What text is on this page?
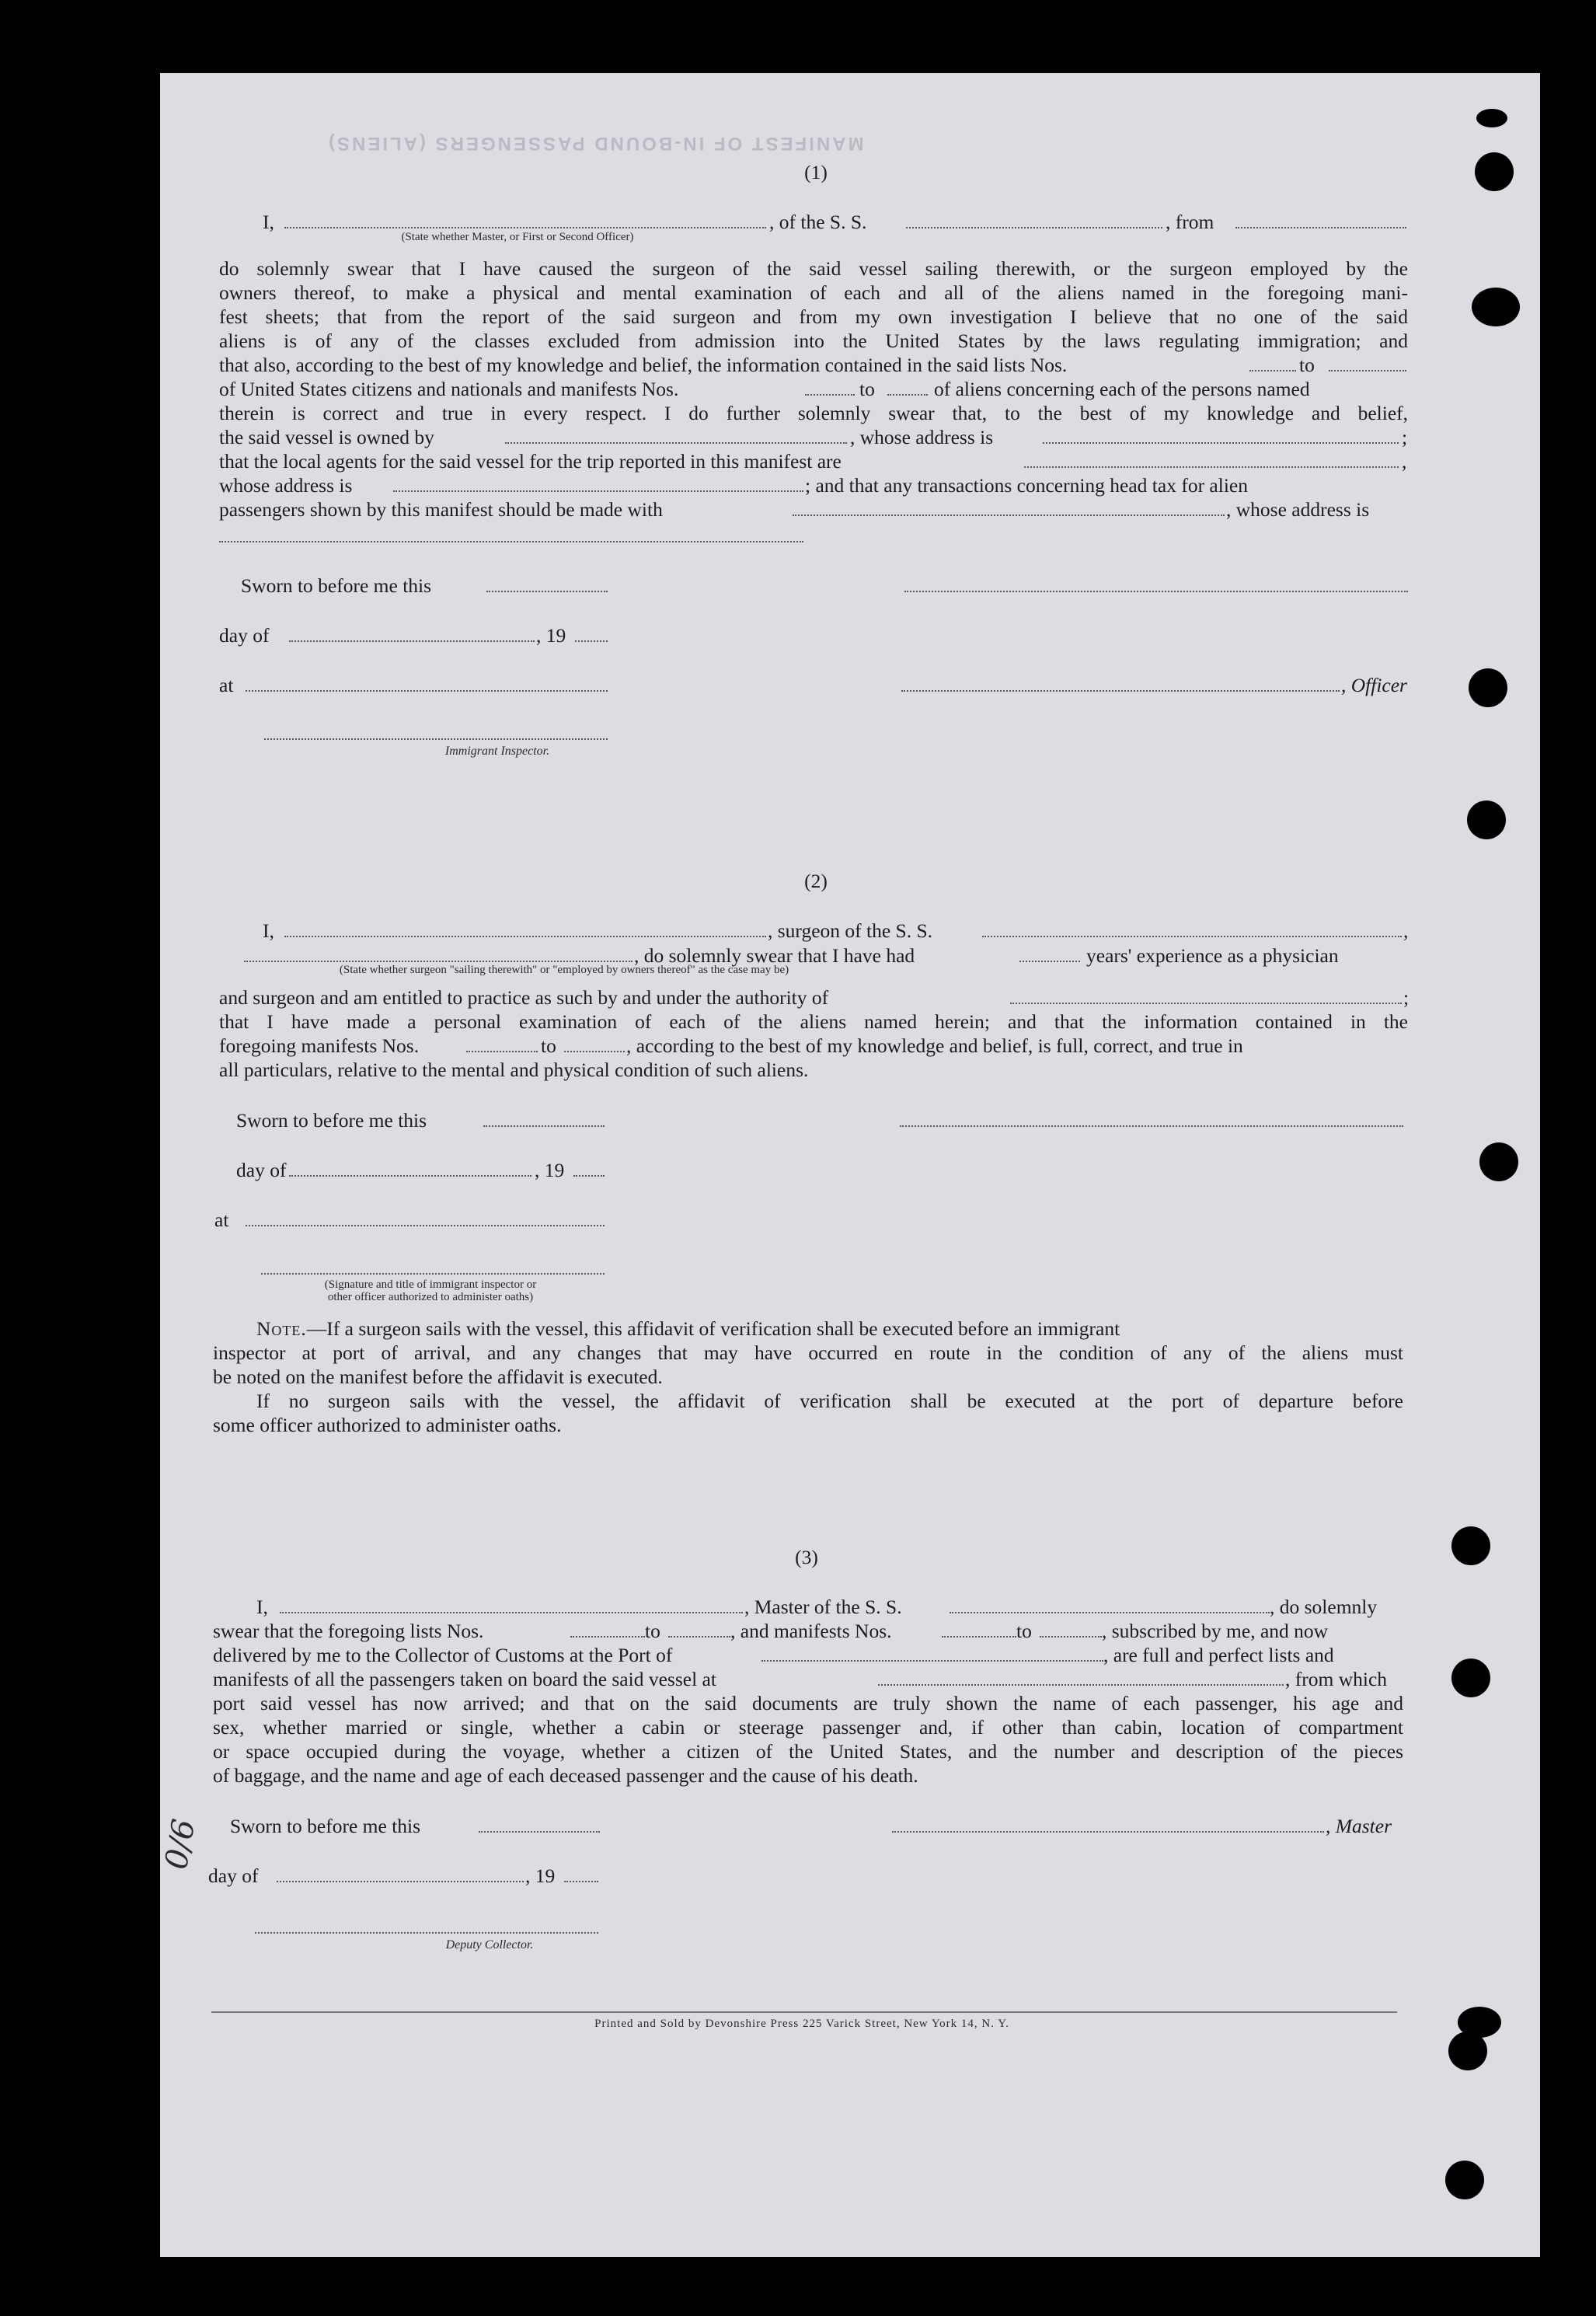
MANIFEST OF IN-BOUND PASSENGERS (ALIENS)
0/6
(1)
I,	, of the S. S.	, from
(State whether Master, or First or Second Officer)
do solemnly swear that I have caused the surgeon of the said vessel sailing therewith, or the surgeon employed by the
owners thereof, to make a physical and mental examination of each and all of the aliens named in the foregoing mani-
fest sheets; that from the report of the said surgeon and from my own investigation I believe that no one of the said
aliens is of any of the classes excluded from admission into the United States by the laws regulating immigration; and
that also, according to the best of my knowledge and belief, the information contained in the said lists Nos.	to
of United States citizens and nationals and manifests Nos.	to	of aliens concerning each of the persons named
therein is correct and true in every respect. I do further solemnly swear that, to the best of my knowledge and belief,
the said vessel is owned by	, whose address is	;
that the local agents for the said vessel for the trip reported in this manifest are	,
whose address is	; and that any transactions concerning head tax for alien
passengers shown by this manifest should be made with	, whose address is
Sworn to before me this
day of	, 19
at	, Officer
Immigrant Inspector.
(2)
I,	, surgeon of the S. S.	,
, do solemnly swear that I have had	years' experience as a physician
(State whether surgeon "sailing therewith" or "employed by owners thereof" as the case may be)
and surgeon and am entitled to practice as such by and under the authority of	;
that I have made a personal examination of each of the aliens named herein; and that the information contained in the
foregoing manifests Nos.	to	, according to the best of my knowledge and belief, is full, correct, and true in
all particulars, relative to the mental and physical condition of such aliens.
Sworn to before me this
day of	, 19
at
(Signature and title of immigrant inspector or
other officer authorized to administer oaths)
Note.—If a surgeon sails with the vessel, this affidavit of verification shall be executed before an immigrant
inspector at port of arrival, and any changes that may have occurred en route in the condition of any of the aliens must
be noted on the manifest before the affidavit is executed.
If no surgeon sails with the vessel, the affidavit of verification shall be executed at the port of departure before
some officer authorized to administer oaths.
(3)
I,	, Master of the S. S.	, do solemnly
swear that the foregoing lists Nos.	to	, and manifests Nos.	to	, subscribed by me, and now
delivered by me to the Collector of Customs at the Port of	, are full and perfect lists and
manifests of all the passengers taken on board the said vessel at	, from which
port said vessel has now arrived; and that on the said documents are truly shown the name of each passenger, his age and
sex, whether married or single, whether a cabin or steerage passenger and, if other than cabin, location of compartment
or space occupied during the voyage, whether a citizen of the United States, and the number and description of the pieces
of baggage, and the name and age of each deceased passenger and the cause of his death.
Sworn to before me this	, Master
day of	, 19
Deputy Collector.
Printed and Sold by Devonshire Press 225 Varick Street, New York 14, N. Y.
